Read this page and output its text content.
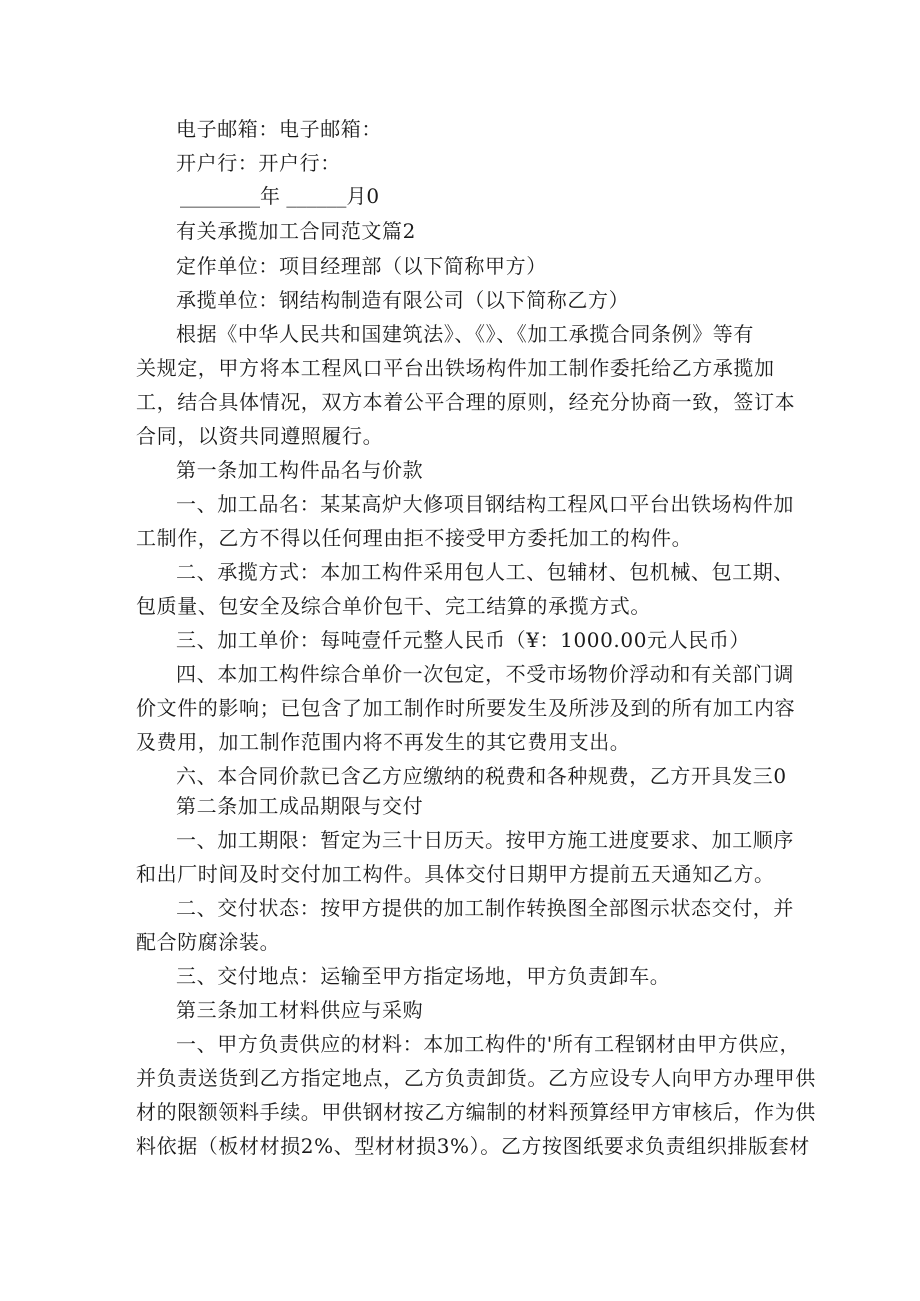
电子邮箱：电子邮箱：
开户行：开户行：
________年 ______月0
有关承揽加工合同范文篇2
定作单位：项目经理部（以下简称甲方）
承揽单位：钢结构制造有限公司（以下简称乙方）
根据《中华人民共和国建筑法》、《》、《加工承揽合同条例》等有
关规定，甲方将本工程风口平台出铁场构件加工制作委托给乙方承揽加
工，结合具体情况，双方本着公平合理的原则，经充分协商一致，签订本
合同，以资共同遵照履行。
第一条加工构件品名与价款
一、加工品名：某某高炉大修项目钢结构工程风口平台出铁场构件加
工制作，乙方不得以任何理由拒不接受甲方委托加工的构件。
二、承揽方式：本加工构件采用包人工、包辅材、包机械、包工期、
包质量、包安全及综合单价包干、完工结算的承揽方式。
三、加工单价：每吨壹仟元整人民币（¥：1000.00元人民币）
四、本加工构件综合单价一次包定，不受市场物价浮动和有关部门调
价文件的影响；已包含了加工制作时所要发生及所涉及到的所有加工内容
及费用，加工制作范围内将不再发生的其它费用支出。
六、本合同价款已含乙方应缴纳的税费和各种规费，乙方开具发三0
第二条加工成品期限与交付
一、加工期限：暂定为三十日历天。按甲方施工进度要求、加工顺序
和出厂时间及时交付加工构件。具体交付日期甲方提前五天通知乙方。
二、交付状态：按甲方提供的加工制作转换图全部图示状态交付，并
配合防腐涂装。
三、交付地点：运输至甲方指定场地，甲方负责卸车。
第三条加工材料供应与采购
一、甲方负责供应的材料：本加工构件的'所有工程钢材由甲方供应，
并负责送货到乙方指定地点，乙方负责卸货。乙方应设专人向甲方办理甲供
材的限额领料手续。甲供钢材按乙方编制的材料预算经甲方审核后，作为供
料依据（板材材损2%、型材材损3%）。乙方按图纸要求负责组织排版套材
